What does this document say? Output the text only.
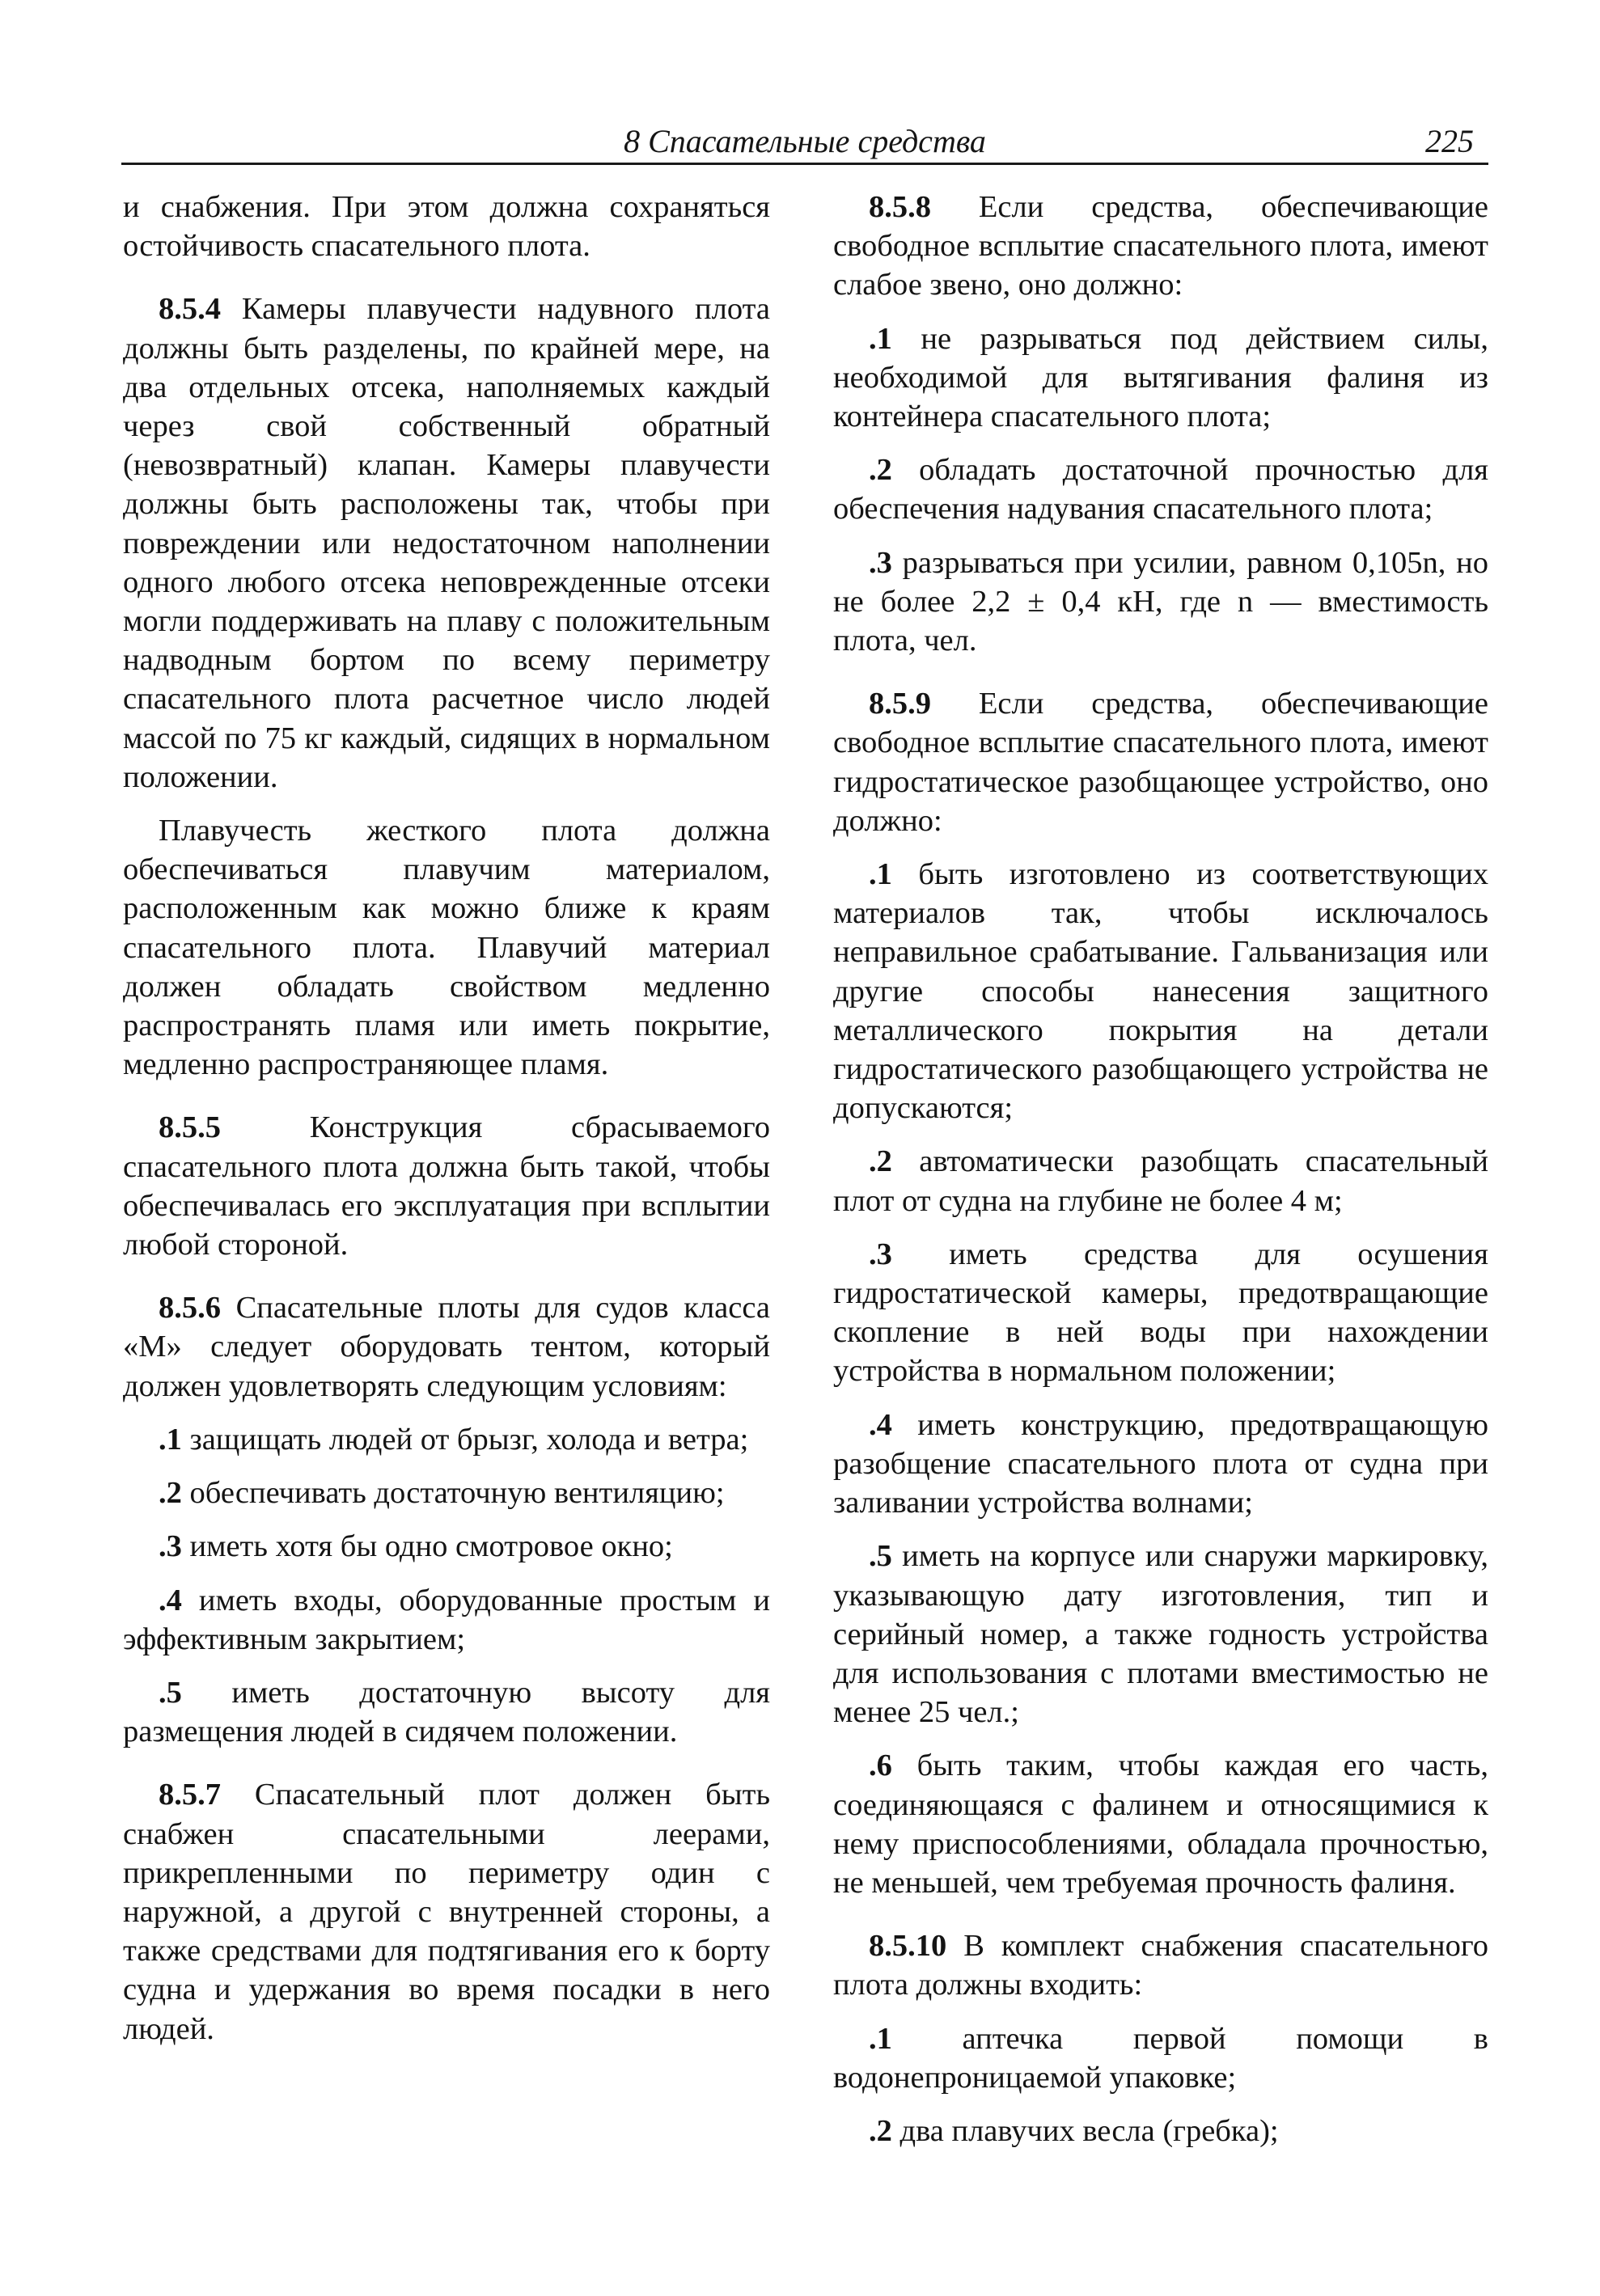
8 Спасательные средства	225

и снабжения. При этом должна сохраняться остойчивость спасательного плота.

8.5.4 Камеры плавучести надувного плота должны быть разделены, по крайней мере, на два отдельных отсека, наполняемых каждый через свой собственный обратный (невозвратный) клапан. Камеры плавучести должны быть расположены так, чтобы при повреждении или недостаточном наполнении одного любого отсека неповрежденные отсеки могли поддерживать на плаву с положительным надводным бортом по всему периметру спасательного плота расчетное число людей массой по 75 кг каждый, сидящих в нормальном положении.

Плавучесть жесткого плота должна обеспечиваться плавучим материалом, расположенным как можно ближе к краям спасательного плота. Плавучий материал должен обладать свойством медленно распространять пламя или иметь покрытие, медленно распространяющее пламя.

8.5.5 Конструкция сбрасываемого спасательного плота должна быть такой, чтобы обеспечивалась его эксплуатация при всплытии любой стороной.

8.5.6 Спасательные плоты для судов класса «М» следует оборудовать тентом, который должен удовлетворять следующим условиям:

.1 защищать людей от брызг, холода и ветра;

.2 обеспечивать достаточную вентиляцию;

.3 иметь хотя бы одно смотровое окно;

.4 иметь входы, оборудованные простым и эффективным закрытием;

.5 иметь достаточную высоту для размещения людей в сидячем положении.

8.5.7 Спасательный плот должен быть снабжен спасательными леерами, прикрепленными по периметру один с наружной, а другой с внутренней стороны, а также средствами для подтягивания его к борту судна и удержания во время посадки в него людей.

8.5.8 Если средства, обеспечивающие свободное всплытие спасательного плота, имеют слабое звено, оно должно:

.1 не разрываться под действием силы, необходимой для вытягивания фалиня из контейнера спасательного плота;

.2 обладать достаточной прочностью для обеспечения надувания спасательного плота;

.3 разрываться при усилии, равном 0,105n, но не более 2,2 ± 0,4 кН, где n — вместимость плота, чел.

8.5.9 Если средства, обеспечивающие свободное всплытие спасательного плота, имеют гидростатическое разобщающее устройство, оно должно:

.1 быть изготовлено из соответствующих материалов так, чтобы исключалось неправильное срабатывание. Гальванизация или другие способы нанесения защитного металлического покрытия на детали гидростатического разобщающего устройства не допускаются;

.2 автоматически разобщать спасательный плот от судна на глубине не более 4 м;

.3 иметь средства для осушения гидростатической камеры, предотвращающие скопление в ней воды при нахождении устройства в нормальном положении;

.4 иметь конструкцию, предотвращающую разобщение спасательного плота от судна при заливании устройства волнами;

.5 иметь на корпусе или снаружи маркировку, указывающую дату изготовления, тип и серийный номер, а также годность устройства для использования с плотами вместимостью не менее 25 чел.;

.6 быть таким, чтобы каждая его часть, соединяющаяся с фалинем и относящимися к нему приспособлениями, обладала прочностью, не меньшей, чем требуемая прочность фалиня.

8.5.10 В комплект снабжения спасательного плота должны входить:

.1 аптечка первой помощи в водонепроницаемой упаковке;

.2 два плавучих весла (гребка);
